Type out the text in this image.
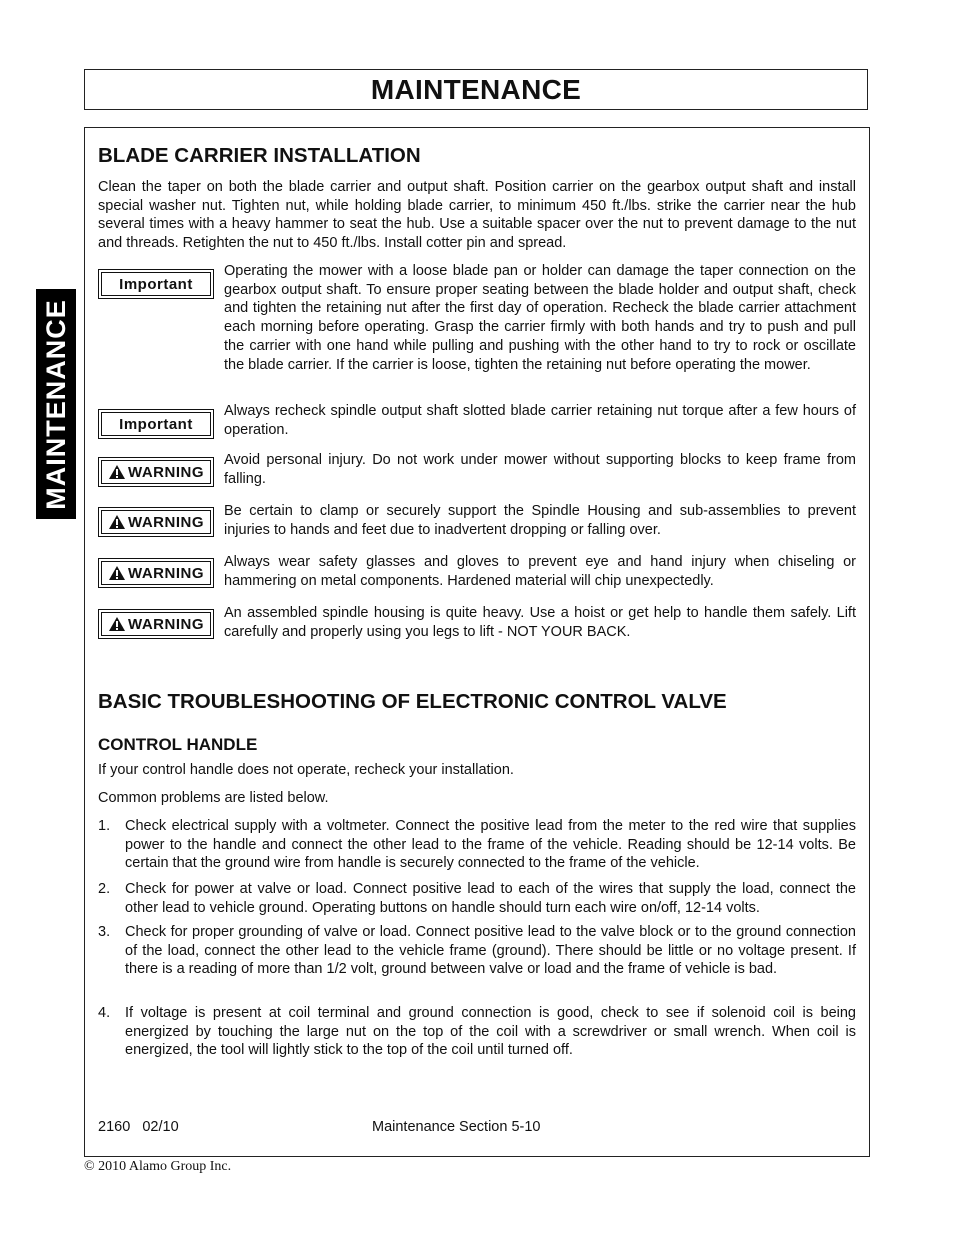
MAINTENANCE
MAINTENANCE
BLADE CARRIER INSTALLATION

Clean the taper on both the blade carrier and output shaft. Position carrier on the gearbox output shaft and install special washer nut. Tighten nut, while holding blade carrier, to minimum 450 ft./lbs. strike the carrier near the hub several times with a heavy hammer to seat the hub. Use a suitable spacer over the nut to prevent damage to the nut and threads. Retighten the nut to 450 ft./lbs. Install cotter pin and spread.

Important

Operating the mower with a loose blade pan or holder can damage the taper connection on the gearbox output shaft. To ensure proper seating between the blade holder and output shaft, check and tighten the retaining nut after the first day of operation. Recheck the blade carrier attachment each morning before operating. Grasp the carrier firmly with both hands and try to push and pull the carrier with one hand while pulling and pushing with the other hand to try to rock or oscillate the blade carrier. If the carrier is loose, tighten the retaining nut before operating the mower.

Important

Always recheck spindle output shaft slotted blade carrier retaining nut torque after a few hours of operation.

WARNING

Avoid personal injury. Do not work under mower without supporting blocks to keep frame from falling.

WARNING

Be certain to clamp or securely support the Spindle Housing and sub-assemblies to prevent injuries to hands and feet due to inadvertent dropping or falling over.

WARNING

Always wear safety glasses and gloves to prevent eye and hand injury when chiseling or hammering on metal components. Hardened material will chip unexpectedly.

WARNING

An assembled spindle housing is quite heavy. Use a hoist or get help to handle them safely. Lift carefully and properly using you legs to lift - NOT YOUR BACK.

BASIC TROUBLESHOOTING OF ELECTRONIC CONTROL VALVE
CONTROL HANDLE

If your control handle does not operate, recheck your installation.

Common problems are listed below.

1. Check electrical supply with a voltmeter. Connect the positive lead from the meter to the red wire that supplies power to the handle and connect the other lead to the frame of the vehicle. Reading should be 12-14 volts. Be certain that the ground wire from handle is securely connected to the frame of the vehicle.

2. Check for power at valve or load. Connect positive lead to each of the wires that supply the load, connect the other lead to vehicle ground. Operating buttons on handle should turn each wire on/off, 12-14 volts.

3. Check for proper grounding of valve or load. Connect positive lead to the valve block or to the ground connection of the load, connect the other lead to the vehicle frame (ground). There should be little or no voltage present. If there is a reading of more than 1/2 volt, ground between valve or load and the frame of vehicle is bad.

4. If voltage is present at coil terminal and ground connection is good, check to see if solenoid coil is being energized by touching the large nut on the top of the coil with a screwdriver or small wrench. When coil is energized, the tool will lightly stick to the top of the coil until turned off.

2160   02/10	Maintenance Section 5-10
© 2010 Alamo Group Inc.
